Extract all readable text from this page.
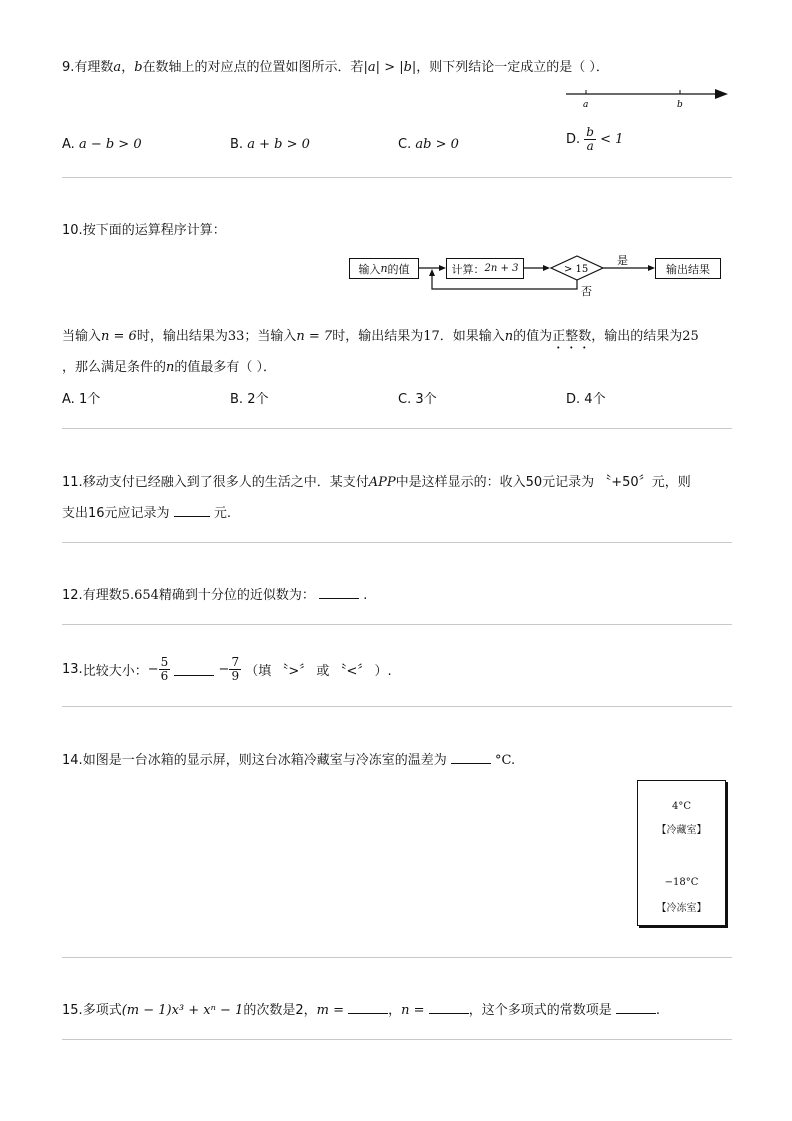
9.有理数a，b在数轴上的对应点的位置如图所示．若|a| > |b|，则下列结论一定成立的是（ ）．
a	b
A. a − b > 0	B. a + b > 0	C. ab > 0	D. $\frac{b}{a} < 1$
10.按下面的运算程序计算：
输入 n 的值	计算： 2n + 3	> 15
是
否
输出结果
当输入n = 6时，输出结果为33；当输入n = 7时，输出结果为17．如果输入n的值为正整数，输出的结果为25
，那么满足条件的n的值最多有（ ）．
A. 1个	B. 2个	C. 3个	D. 4个
11.移动支付已经融入到了很多人的生活之中．某支付APP中是这样显示的：收入50元记录为 〝+50〞元，则
支出16元应记录为	元.
12.有理数5.654精确到十分位的近似数为：	.
13.比较大小：− $\frac{5}{6}$	− $\frac{7}{9}$ （填 〝>〞 或 〝<〞 ）.
14.如图是一台冰箱的显示屏，则这台冰箱冷藏室与冷冻室的温差为	°C.
4°C
【冷藏室】
−18°C
【冷冻室】
15.多项式(m − 1)x³ + xⁿ − 1的次数是2，m =	，n =	，这个多项式的常数项是	.
